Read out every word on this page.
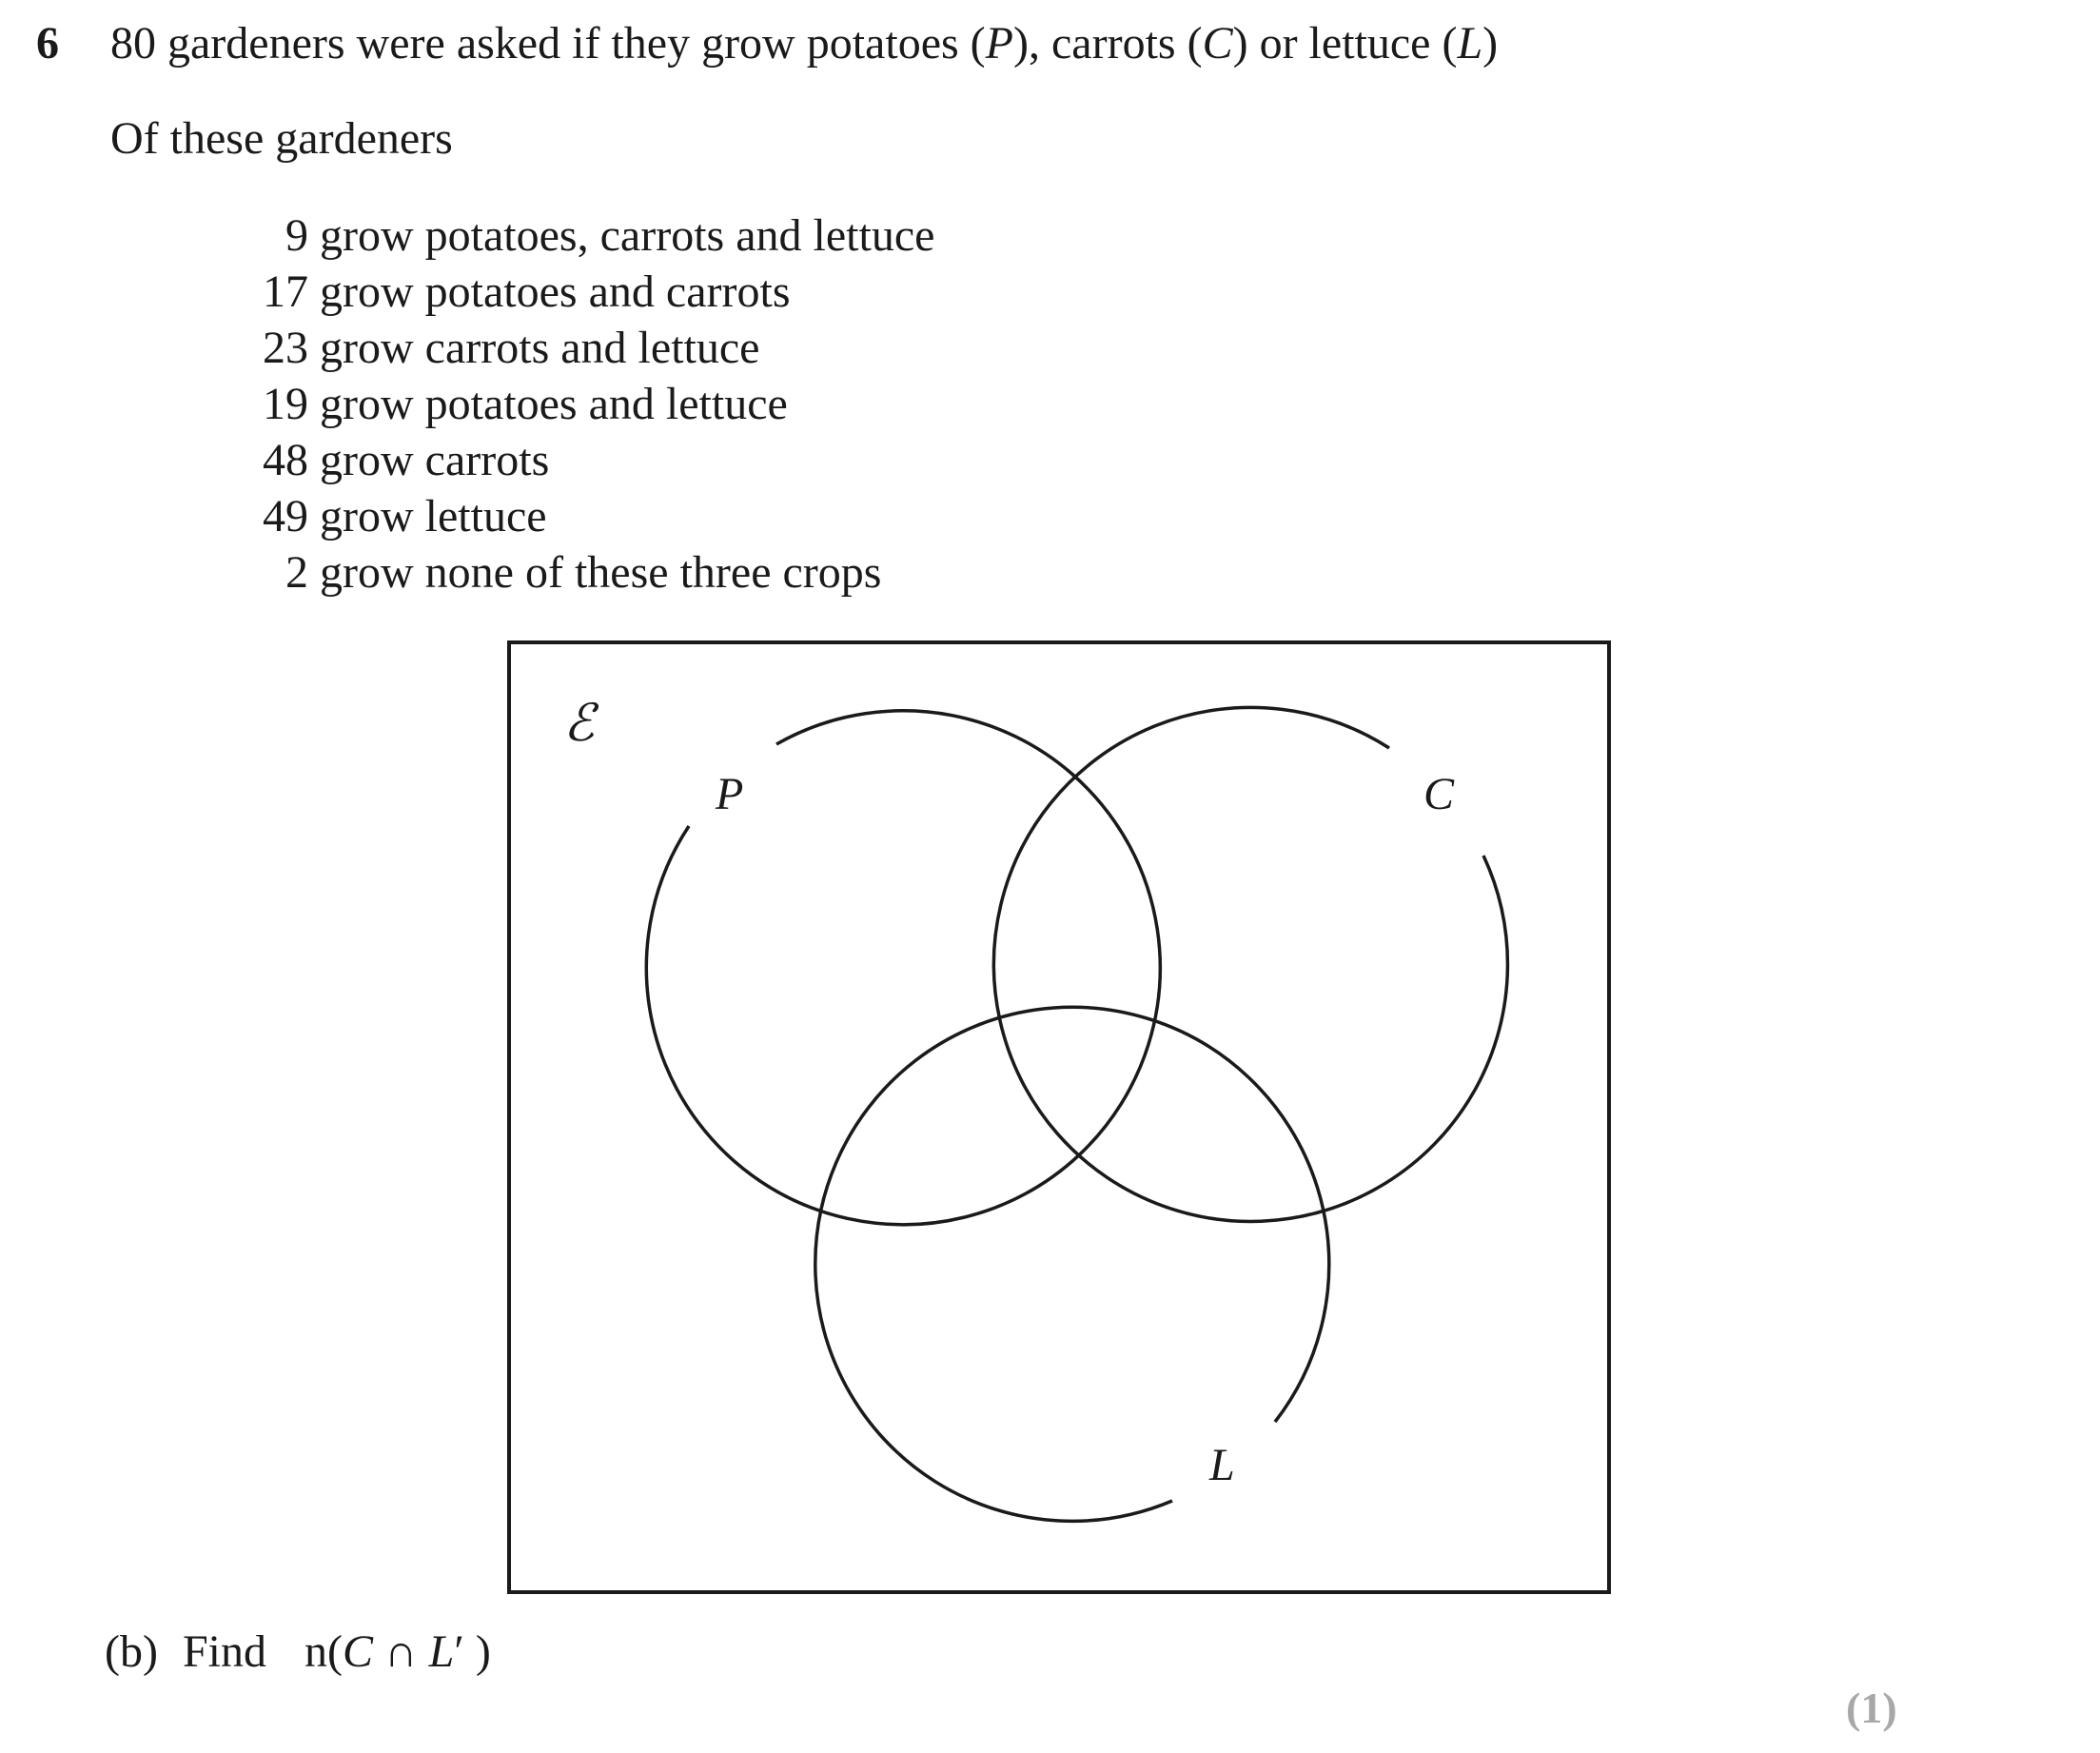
6 80 gardeners were asked if they grow potatoes (P), carrots (C) or lettuce (L)
Of these gardeners
9 grow potatoes, carrots and lettuce
17 grow potatoes and carrots
23 grow carrots and lettuce
19 grow potatoes and lettuce
48 grow carrots
49 grow lettuce
2 grow none of these three crops
ℰ
P	C
L
(b) Find n(C ∩ L′ )
(1)
